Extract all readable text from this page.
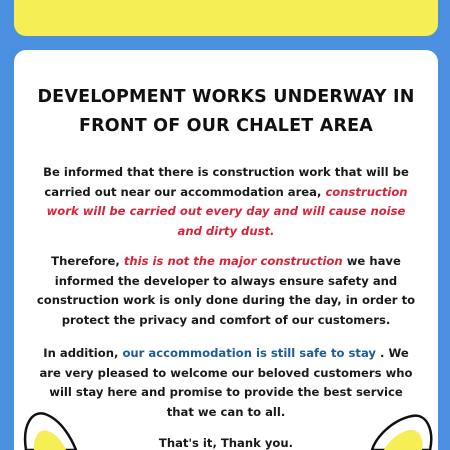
DEVELOPMENT WORKS UNDERWAY IN
FRONT OF OUR CHALET AREA

Be informed that there is construction work that will be carried out near our accommodation area, construction work will be carried out every day and will cause noise and dirty dust.

Therefore, this is not the major construction we have informed the developer to always ensure safety and construction work is only done during the day, in order to protect the privacy and comfort of our customers.

In addition, our accommodation is still safe to stay . We are very pleased to welcome our beloved customers who will stay here and promise to provide the best service that we can to all.

That's it, Thank you.
